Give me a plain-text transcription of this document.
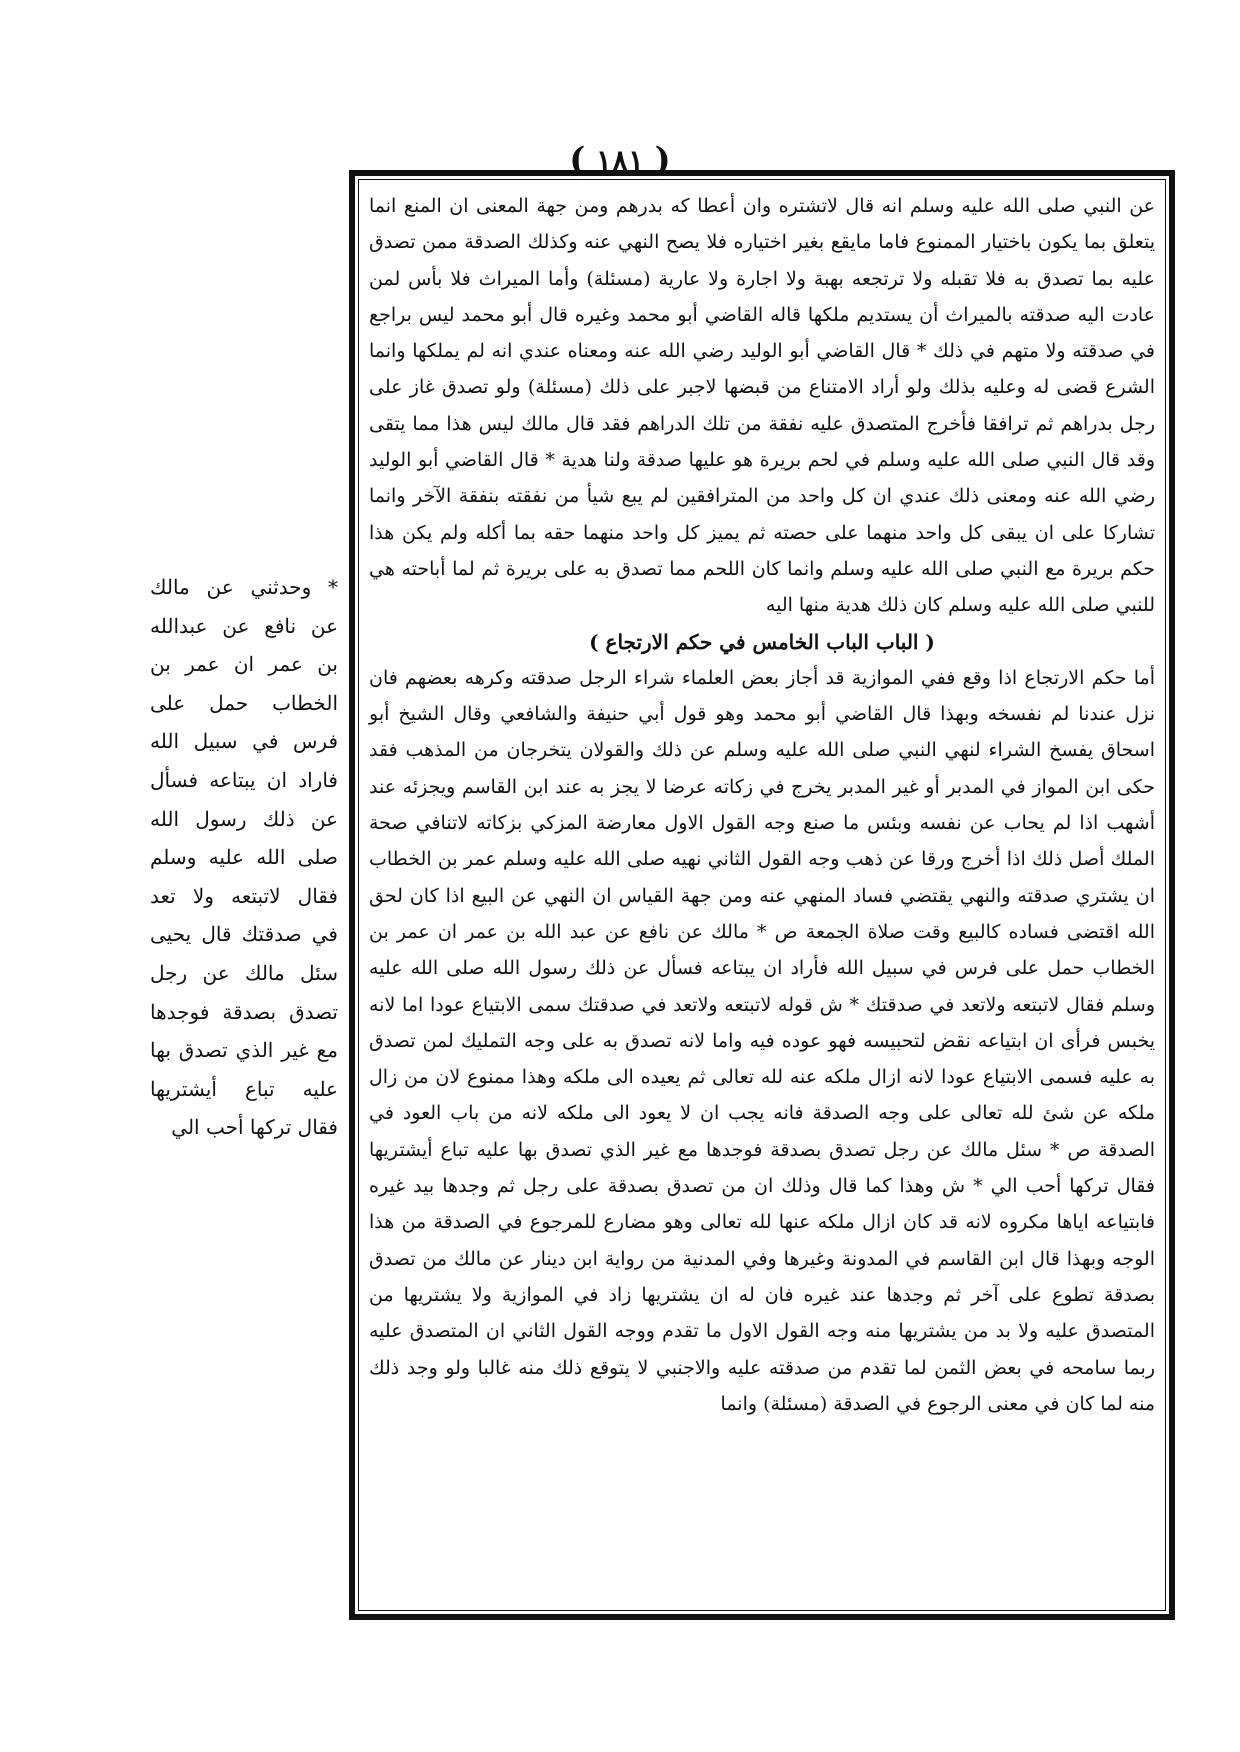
( ١٨١ )

عن النبي صلى الله عليه وسلم انه قال لاتشتره وان أعطا كه بدرهم ومن جهة المعنى ان المنع انما يتعلق بما يكون باختيار الممنوع فاما مايقع بغير اختياره فلا يصح النهي عنه وكذلك الصدقة ممن تصدق عليه بما تصدق به فلا تقبله ولا ترتجعه بهبة ولا اجارة ولا عارية (مسئلة) وأما الميراث فلا بأس لمن عادت اليه صدقته بالميراث أن يستديم ملكها قاله القاضي أبو محمد وغيره قال أبو محمد ليس براجع في صدقته ولا متهم في ذلك * قال القاضي أبو الوليد رضي الله عنه ومعناه عندي انه لم يملكها وانما الشرع قضى له وعليه بذلك ولو أراد الامتناع من قبضها لاجبر على ذلك (مسئلة) ولو تصدق غاز على رجل بدراهم ثم ترافقا فأخرج المتصدق عليه نفقة من تلك الدراهم فقد قال مالك ليس هذا مما يتقى وقد قال النبي صلى الله عليه وسلم في لحم بريرة هو عليها صدقة ولنا هدية * قال القاضي أبو الوليد رضي الله عنه ومعنى ذلك عندي ان كل واحد من المترافقين لم يبع شيأ من نفقته بنفقة الآخر وانما تشاركا على ان يبقى كل واحد منهما على حصته ثم يميز كل واحد منهما حقه بما أكله ولم يكن هذا حكم بريرة مع النبي صلى الله عليه وسلم وانما كان اللحم مما تصدق به على بريرة ثم لما أباحته هي للنبي صلى الله عليه وسلم كان ذلك هدية منها اليه

( الباب الباب الخامس في حكم الارتجاع )

أما حكم الارتجاع اذا وقع ففي الموازية قد أجاز بعض العلماء شراء الرجل صدقته وكرهه بعضهم فان نزل عندنا لم نفسخه وبهذا قال القاضي أبو محمد وهو قول أبي حنيفة والشافعي وقال الشيخ أبو اسحاق يفسخ الشراء لنهي النبي صلى الله عليه وسلم عن ذلك والقولان يتخرجان من المذهب فقد حكى ابن المواز في المدبر أو غير المدبر يخرج في زكاته عرضا لا يجز به عند ابن القاسم ويجزئه عند أشهب اذا لم يحاب عن نفسه وبئس ما صنع وجه القول الاول معارضة المزكي بزكاته لاتنافي صحة الملك أصل ذلك اذا أخرج ورقا عن ذهب وجه القول الثاني نهيه صلى الله عليه وسلم عمر بن الخطاب ان يشتري صدقته والنهي يقتضي فساد المنهي عنه ومن جهة القياس ان النهي عن البيع اذا كان لحق الله اقتضى فساده كالبيع وقت صلاة الجمعة ص * مالك عن نافع عن عبد الله بن عمر ان عمر بن الخطاب حمل على فرس في سبيل الله فأراد ان يبتاعه فسأل عن ذلك رسول الله صلى الله عليه وسلم فقال لاتبتعه ولاتعد في صدقتك * ش قوله لاتبتعه ولاتعد في صدقتك سمى الابتياع عودا اما لانه يخبس فرأى ان ابتياعه نقض لتحبيسه فهو عوده فيه واما لانه تصدق به على وجه التمليك لمن تصدق به عليه فسمى الابتياع عودا لانه ازال ملكه عنه لله تعالى ثم يعيده الى ملكه وهذا ممنوع لان من زال ملكه عن شئ لله تعالى على وجه الصدقة فانه يجب ان لا يعود الى ملكه لانه من باب العود في الصدقة ص * سئل مالك عن رجل تصدق بصدقة فوجدها مع غير الذي تصدق بها عليه تباع أيشتريها فقال تركها أحب الي * ش وهذا كما قال وذلك ان من تصدق بصدقة على رجل ثم وجدها بيد غيره فابتياعه اياها مكروه لانه قد كان ازال ملكه عنها لله تعالى وهو مضارع للمرجوع في الصدقة من هذا الوجه وبهذا قال ابن القاسم في المدونة وغيرها وفي المدنية من رواية ابن دينار عن مالك من تصدق بصدقة تطوع على آخر ثم وجدها عند غيره فان له ان يشتريها زاد في الموازية ولا يشتريها من المتصدق عليه ولا بد من يشتريها منه وجه القول الاول ما تقدم ووجه القول الثاني ان المتصدق عليه ربما سامحه في بعض الثمن لما تقدم من صدقته عليه والاجنبي لا يتوقع ذلك منه غالبا ولو وجد ذلك منه لما كان في معنى الرجوع في الصدقة (مسئلة) وانما

* وحدثني عن مالك عن نافع عن عبدالله بن عمر ان عمر بن الخطاب حمل على فرس في سبيل الله فاراد ان يبتاعه فسأل عن ذلك رسول الله صلى الله عليه وسلم فقال لاتبتعه ولا تعد في صدقتك قال يحيى سئل مالك عن رجل تصدق بصدقة فوجدها مع غير الذي تصدق بها عليه تباع أيشتريها فقال تركها أحب الي
